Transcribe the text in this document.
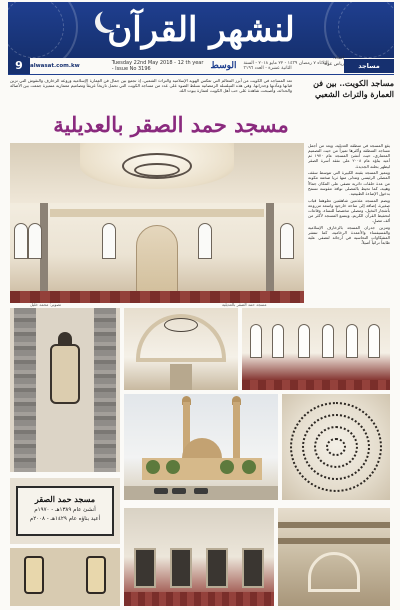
لنشهر القرآن
9	alwasat.com.kw	Tuesday 22nd May 2018 - 12 th year - Issue No 3196	الوسط الثلاثاء ٧ رمضان ١٤٣٩ - ٢٢ مايو ٢٠١٨ - السنة الثانية عشرة - العدد ٣١٩٦	مساجد
إعداد:
رياض عواد
مساجد الكويت.. بين فن العمارة والتراث الشعبي

تعد المساجد في الكويت من أبرز المعالم التي تعكس الهوية الإسلامية والتراث الشعبي، إذ تجمع بين جمال فن العمارة الإسلامية وروعة الزخارف والنقوش التي تزين قبابها ومآذنها وجدرانها. وفي هذه السلسلة الرمضانية نسلط الضوء على عدد من مساجد الكويت التي تحمل تاريخاً عريقاً وتصاميم معمارية متميزة جمعت بين الأصالة والحداثة، وأصبحت شاهدة على حب أهل الكويت لعمارة بيوت الله.

مسجد حمد الصقر بالعديلية
تصوير: محمد خليل	مسجد حمد الصقر بالعديلية

يقع المسجد في منطقة العديلية، ويعد من أجمل مساجد المنطقة وأكثرها تميزاً من حيث التصميم المعماري، حيث أنشئ المسجد عام ١٩٧٠ ثم أعيد بناؤه عام ٢٠٠٨ على نفقة أسرة الصقر ليظهر بحلته الجديدة.

ويتميز المسجد بقبته الكبيرة التي تتوسط سقف المصلى الرئيسي وتتدلى منها ثريا ضخمة مكونة من عدة حلقات دائرية تضفي على المكان جمالاً وهيبة، كما تحيط بالمصلى نوافذ مقوسة تسمح بدخول الإضاءة الطبيعية.

ويضم المسجد مئذنتين شاهقتين تعلوهما قباب صغيرة، إضافة إلى ساحة خارجية واسعة مزروعة بأشجار النخيل، ومصلى مخصصاً للنساء، وقاعات لتحفيظ القرآن الكريم، ويتسع المسجد لأكثر من ألف مصلٍ.

وتتزين جدران المسجد بالزخارف الإسلامية والفسيفساء والأعمدة الرخامية، كما تنتشر المشكاوات النحاسية في أرجائه لتضفي عليه طابعاً تراثياً أصيلاً.

مسجد حمد الصقر
أنشئ عام ١٣٨٩هـ - ١٩٧٠م
أعيد بناؤه عام ١٤٢٩هـ - ٢٠٠٨م
